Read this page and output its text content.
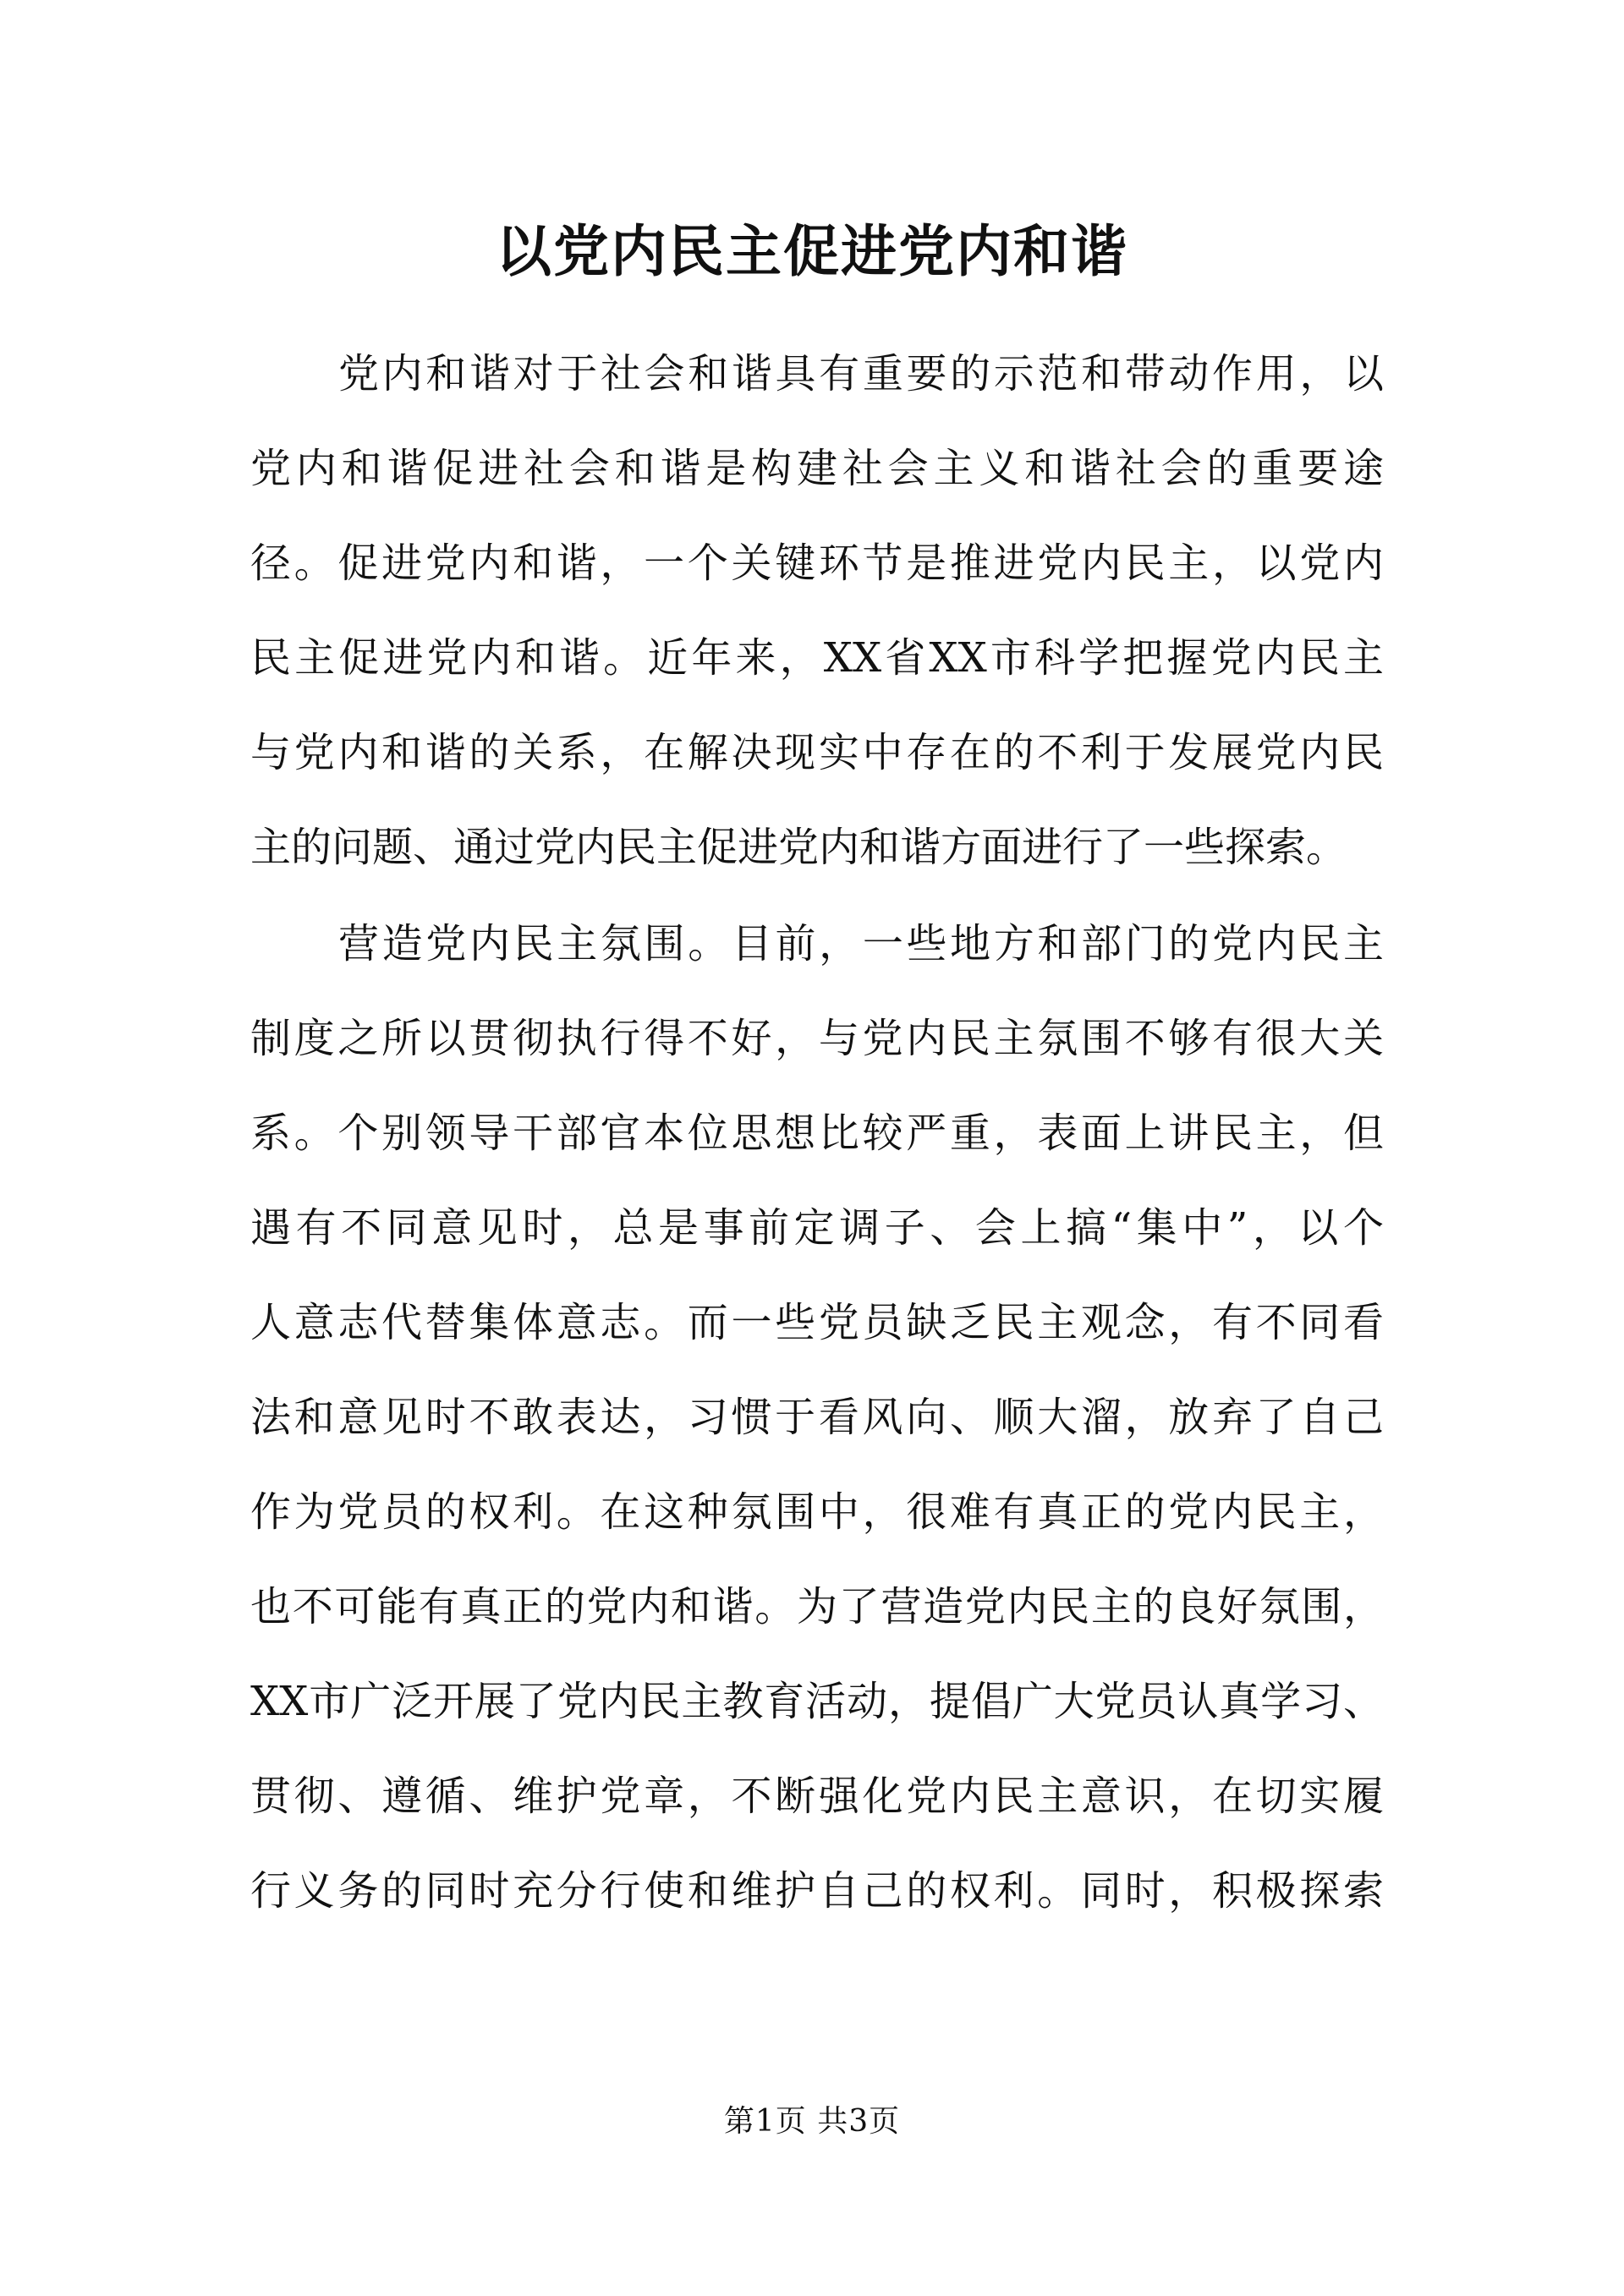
以党内民主促进党内和谐

党内和谐对于社会和谐具有重要的示范和带动作用，以

党内和谐促进社会和谐是构建社会主义和谐社会的重要途

径。促进党内和谐，一个关键环节是推进党内民主，以党内

民主促进党内和谐。近年来，XX省XX市科学把握党内民主

与党内和谐的关系，在解决现实中存在的不利于发展党内民

主的问题、通过党内民主促进党内和谐方面进行了一些探索。

营造党内民主氛围。目前，一些地方和部门的党内民主

制度之所以贯彻执行得不好，与党内民主氛围不够有很大关

系。个别领导干部官本位思想比较严重，表面上讲民主，但

遇有不同意见时，总是事前定调子、会上搞“集中”，以个

人意志代替集体意志。而一些党员缺乏民主观念，有不同看

法和意见时不敢表达，习惯于看风向、顺大溜，放弃了自己

作为党员的权利。在这种氛围中，很难有真正的党内民主，

也不可能有真正的党内和谐。为了营造党内民主的良好氛围，

XX市广泛开展了党内民主教育活动，提倡广大党员认真学习、

贯彻、遵循、维护党章，不断强化党内民主意识，在切实履

行义务的同时充分行使和维护自己的权利。同时，积极探索

第1页 共3页
